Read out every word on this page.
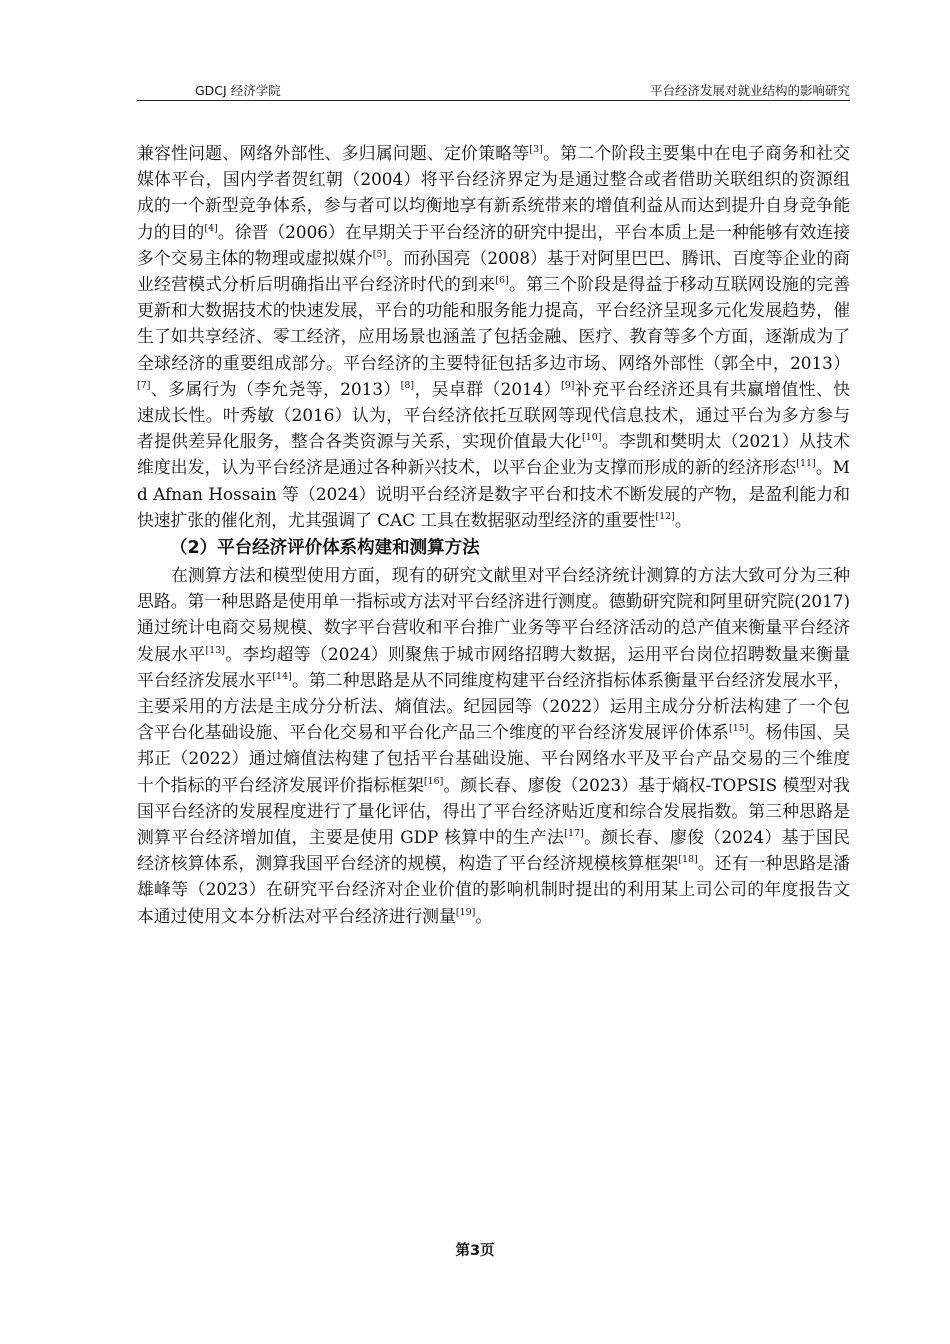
GDCJ 经济学院	平台经济发展对就业结构的影响研究

兼容性问题、网络外部性、多归属问题、定价策略等[3]。第二个阶段主要集中在电子商务和社交媒体平台，国内学者贺红朝（2004）将平台经济界定为是通过整合或者借助关联组织的资源组成的一个新型竞争体系，参与者可以均衡地享有新系统带来的增值利益从而达到提升自身竞争能力的目的[4]。徐晋（2006）在早期关于平台经济的研究中提出，平台本质上是一种能够有效连接多个交易主体的物理或虚拟媒介[5]。而孙国亮（2008）基于对阿里巴巴、腾讯、百度等企业的商业经营模式分析后明确指出平台经济时代的到来[6]。第三个阶段是得益于移动互联网设施的完善更新和大数据技术的快速发展，平台的功能和服务能力提高，平台经济呈现多元化发展趋势，催生了如共享经济、零工经济，应用场景也涵盖了包括金融、医疗、教育等多个方面，逐渐成为了全球经济的重要组成部分。平台经济的主要特征包括多边市场、网络外部性（郭全中，2013）[7]、多属行为（李允尧等，2013）[8]，吴卓群（2014）[9]补充平台经济还具有共赢增值性、快速成长性。叶秀敏（2016）认为，平台经济依托互联网等现代信息技术，通过平台为多方参与者提供差异化服务，整合各类资源与关系，实现价值最大化[10]。李凯和樊明太（2021）从技术维度出发，认为平台经济是通过各种新兴技术，以平台企业为支撑而形成的新的经济形态[11]。Md Afnan Hossain 等（2024）说明平台经济是数字平台和技术不断发展的产物，是盈利能力和快速扩张的催化剂，尤其强调了 CAC 工具在数据驱动型经济的重要性[12]。

（2）平台经济评价体系构建和测算方法

在测算方法和模型使用方面，现有的研究文献里对平台经济统计测算的方法大致可分为三种思路。第一种思路是使用单一指标或方法对平台经济进行测度。德勤研究院和阿里研究院(2017)通过统计电商交易规模、数字平台营收和平台推广业务等平台经济活动的总产值来衡量平台经济发展水平[13]。李均超等（2024）则聚焦于城市网络招聘大数据，运用平台岗位招聘数量来衡量平台经济发展水平[14]。第二种思路是从不同维度构建平台经济指标体系衡量平台经济发展水平，主要采用的方法是主成分分析法、熵值法。纪园园等（2022）运用主成分分析法构建了一个包含平台化基础设施、平台化交易和平台化产品三个维度的平台经济发展评价体系[15]。杨伟国、吴邦正（2022）通过熵值法构建了包括平台基础设施、平台网络水平及平台产品交易的三个维度十个指标的平台经济发展评价指标框架[16]。颜长春、廖俊（2023）基于熵权-TOPSIS 模型对我国平台经济的发展程度进行了量化评估，得出了平台经济贴近度和综合发展指数。第三种思路是测算平台经济增加值，主要是使用 GDP 核算中的生产法[17]。颜长春、廖俊（2024）基于国民经济核算体系，测算我国平台经济的规模，构造了平台经济规模核算框架[18]。还有一种思路是潘雄峰等（2023）在研究平台经济对企业价值的影响机制时提出的利用某上司公司的年度报告文本通过使用文本分析法对平台经济进行测量[19]。

第3页
